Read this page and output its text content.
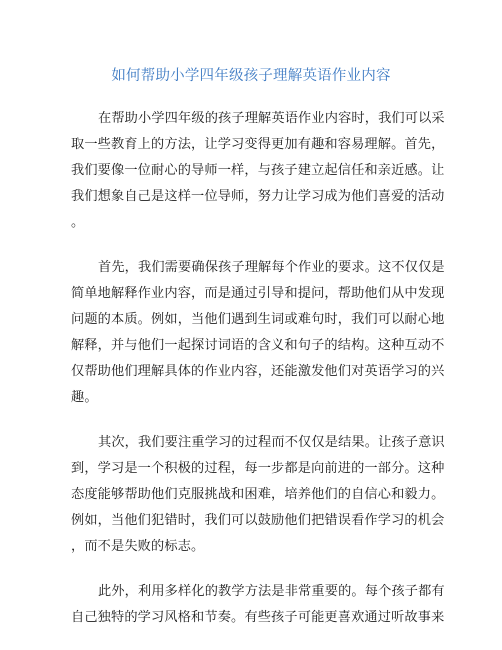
如何帮助小学四年级孩子理解英语作业内容
在帮助小学四年级的孩子理解英语作业内容时，我们可以采
取一些教育上的方法，让学习变得更加有趣和容易理解。首先，
我们要像一位耐心的导师一样，与孩子建立起信任和亲近感。让
我们想象自己是这样一位导师，努力让学习成为他们喜爱的活动
。
首先，我们需要确保孩子理解每个作业的要求。这不仅仅是
简单地解释作业内容，而是通过引导和提问，帮助他们从中发现
问题的本质。例如，当他们遇到生词或难句时，我们可以耐心地
解释，并与他们一起探讨词语的含义和句子的结构。这种互动不
仅帮助他们理解具体的作业内容，还能激发他们对英语学习的兴
趣。
其次，我们要注重学习的过程而不仅仅是结果。让孩子意识
到，学习是一个积极的过程，每一步都是向前进的一部分。这种
态度能够帮助他们克服挑战和困难，培养他们的自信心和毅力。
例如，当他们犯错时，我们可以鼓励他们把错误看作学习的机会
，而不是失败的标志。
此外，利用多样化的教学方法是非常重要的。每个孩子都有
自己独特的学习风格和节奏。有些孩子可能更喜欢通过听故事来
